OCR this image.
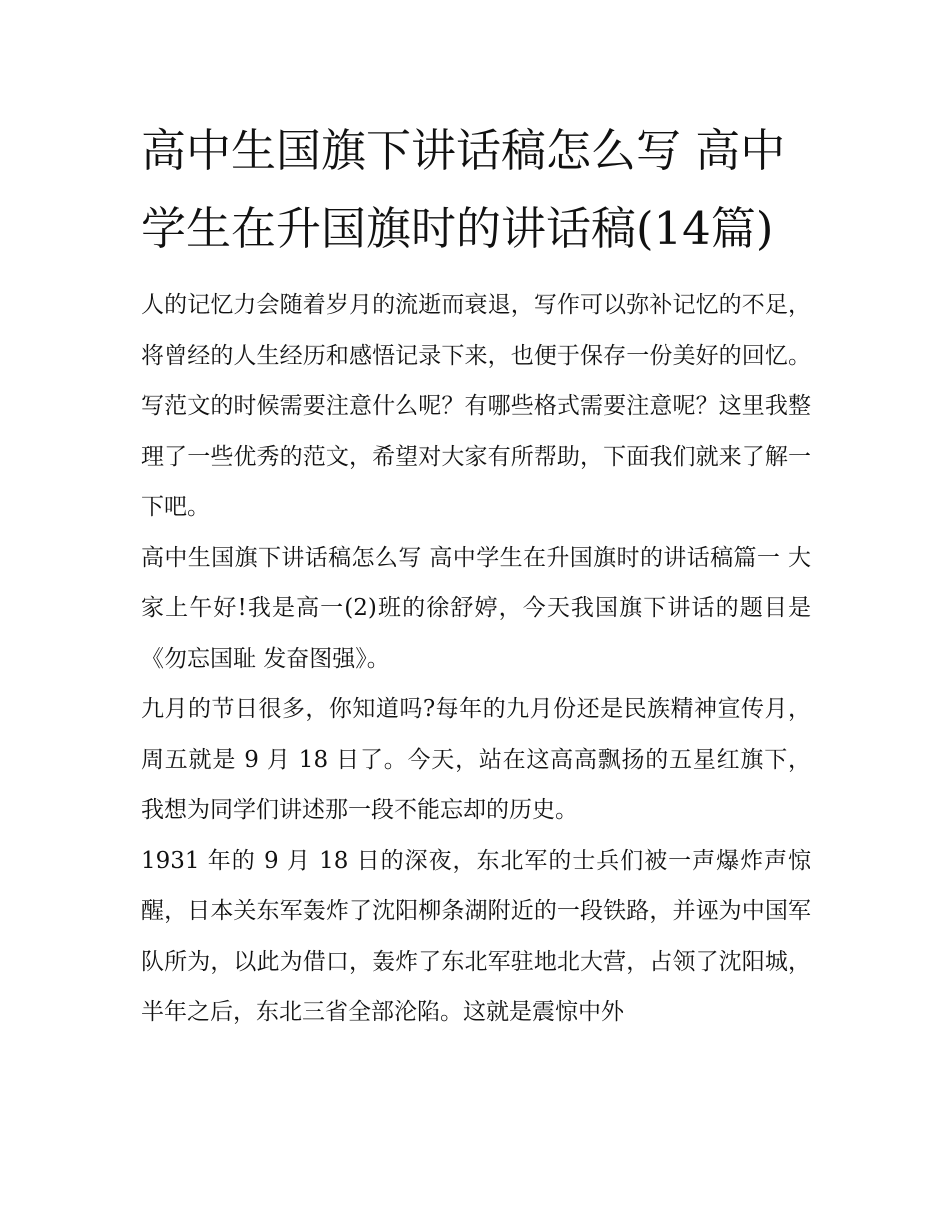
高中生国旗下讲话稿怎么写 高中学生在升国旗时的讲话稿(14篇)

人的记忆力会随着岁月的流逝而衰退，写作可以弥补记忆的不足，将曾经的人生经历和感悟记录下来，也便于保存一份美好的回忆。写范文的时候需要注意什么呢？有哪些格式需要注意呢？这里我整理了一些优秀的范文，希望对大家有所帮助，下面我们就来了解一下吧。

高中生国旗下讲话稿怎么写 高中学生在升国旗时的讲话稿篇一 大家上午好!我是高一(2)班的徐舒婷，今天我国旗下讲话的题目是《勿忘国耻 发奋图强》。

九月的节日很多，你知道吗?每年的九月份还是民族精神宣传月，周五就是 9 月 18 日了。今天，站在这高高飘扬的五星红旗下，我想为同学们讲述那一段不能忘却的历史。

1931 年的 9 月 18 日的深夜，东北军的士兵们被一声爆炸声惊醒，日本关东军轰炸了沈阳柳条湖附近的一段铁路，并诬为中国军队所为，以此为借口，轰炸了东北军驻地北大营，占领了沈阳城，半年之后，东北三省全部沦陷。这就是震惊中外
